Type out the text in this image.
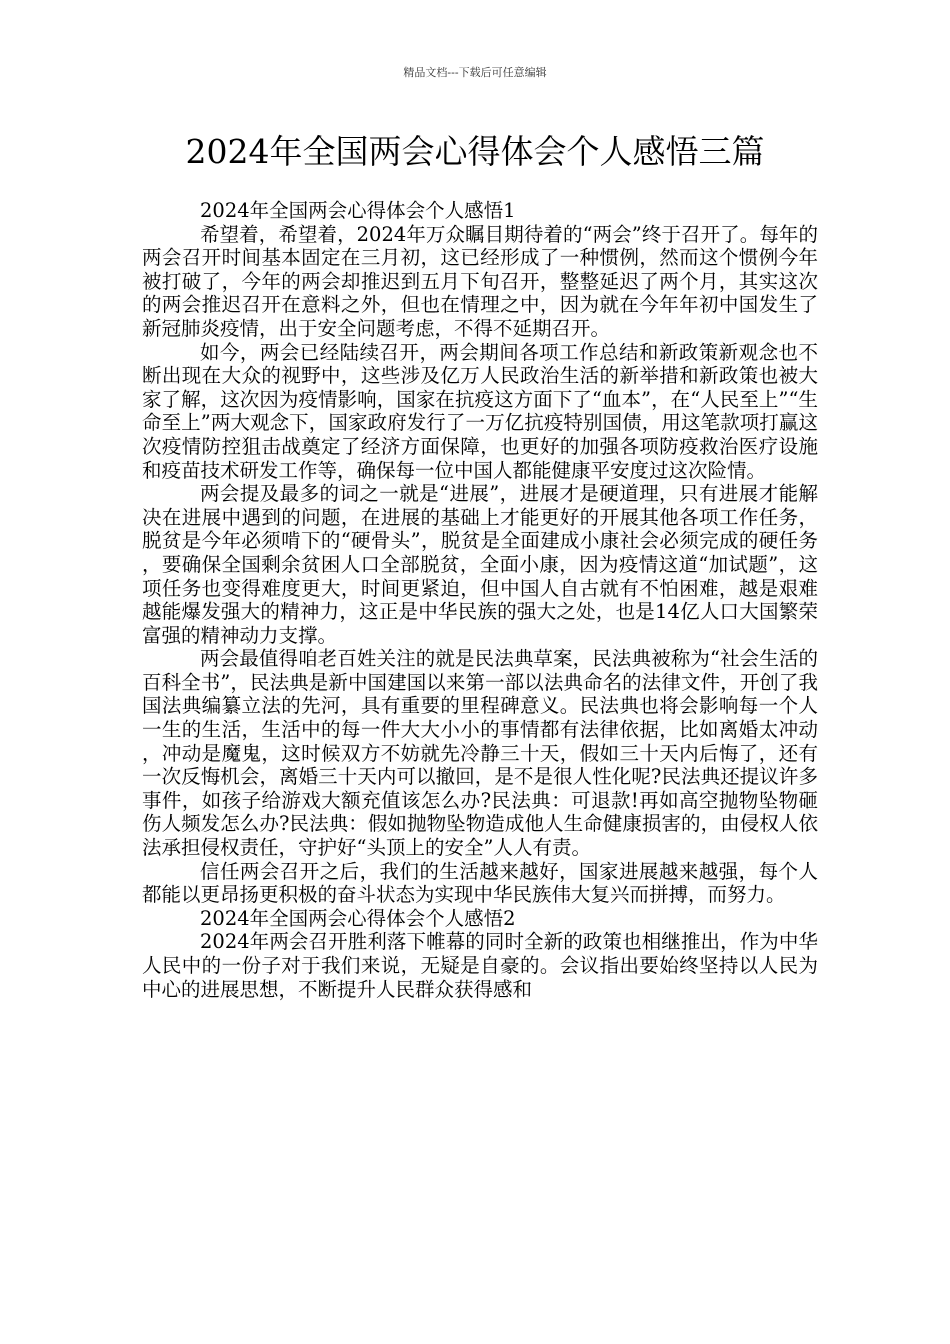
精品文档---下载后可任意编辑
2024年全国两会心得体会个人感悟三篇
2024年全国两会心得体会个人感悟1

希望着，希望着，2024年万众瞩目期待着的“两会”终于召开了。每年的两会召开时间基本固定在三月初，这已经形成了一种惯例，然而这个惯例今年被打破了，今年的两会却推迟到五月下旬召开，整整延迟了两个月，其实这次的两会推迟召开在意料之外，但也在情理之中，因为就在今年年初中国发生了新冠肺炎疫情，出于安全问题考虑，不得不延期召开。

如今，两会已经陆续召开，两会期间各项工作总结和新政策新观念也不断出现在大众的视野中，这些涉及亿万人民政治生活的新举措和新政策也被大家了解，这次因为疫情影响，国家在抗疫这方面下了“血本”，在“人民至上”“生命至上”两大观念下，国家政府发行了一万亿抗疫特别国债，用这笔款项打赢这次疫情防控狙击战奠定了经济方面保障，也更好的加强各项防疫救治医疗设施和疫苗技术研发工作等，确保每一位中国人都能健康平安度过这次险情。

两会提及最多的词之一就是“进展”，进展才是硬道理，只有进展才能解决在进展中遇到的问题，在进展的基础上才能更好的开展其他各项工作任务，脱贫是今年必须啃下的“硬骨头”，脱贫是全面建成小康社会必须完成的硬任务，要确保全国剩余贫困人口全部脱贫，全面小康，因为疫情这道“加试题”，这项任务也变得难度更大，时间更紧迫，但中国人自古就有不怕困难，越是艰难越能爆发强大的精神力，这正是中华民族的强大之处，也是14亿人口大国繁荣富强的精神动力支撑。

两会最值得咱老百姓关注的就是民法典草案，民法典被称为“社会生活的百科全书”，民法典是新中国建国以来第一部以法典命名的法律文件，开创了我国法典编纂立法的先河，具有重要的里程碑意义。民法典也将会影响每一个人一生的生活，生活中的每一件大大小小的事情都有法律依据，比如离婚太冲动，冲动是魔鬼，这时候双方不妨就先冷静三十天，假如三十天内后悔了，还有一次反悔机会，离婚三十天内可以撤回，是不是很人性化呢?民法典还提议许多事件，如孩子给游戏大额充值该怎么办?民法典：可退款!再如高空抛物坠物砸伤人频发怎么办?民法典：假如抛物坠物造成他人生命健康损害的，由侵权人依法承担侵权责任，守护好“头顶上的安全”人人有责。

信任两会召开之后，我们的生活越来越好，国家进展越来越强，每个人都能以更昂扬更积极的奋斗状态为实现中华民族伟大复兴而拼搏，而努力。

2024年全国两会心得体会个人感悟2

2024年两会召开胜利落下帷幕的同时全新的政策也相继推出，作为中华人民中的一份子对于我们来说，无疑是自豪的。会议指出要始终坚持以人民为中心的进展思想，不断提升人民群众获得感和
